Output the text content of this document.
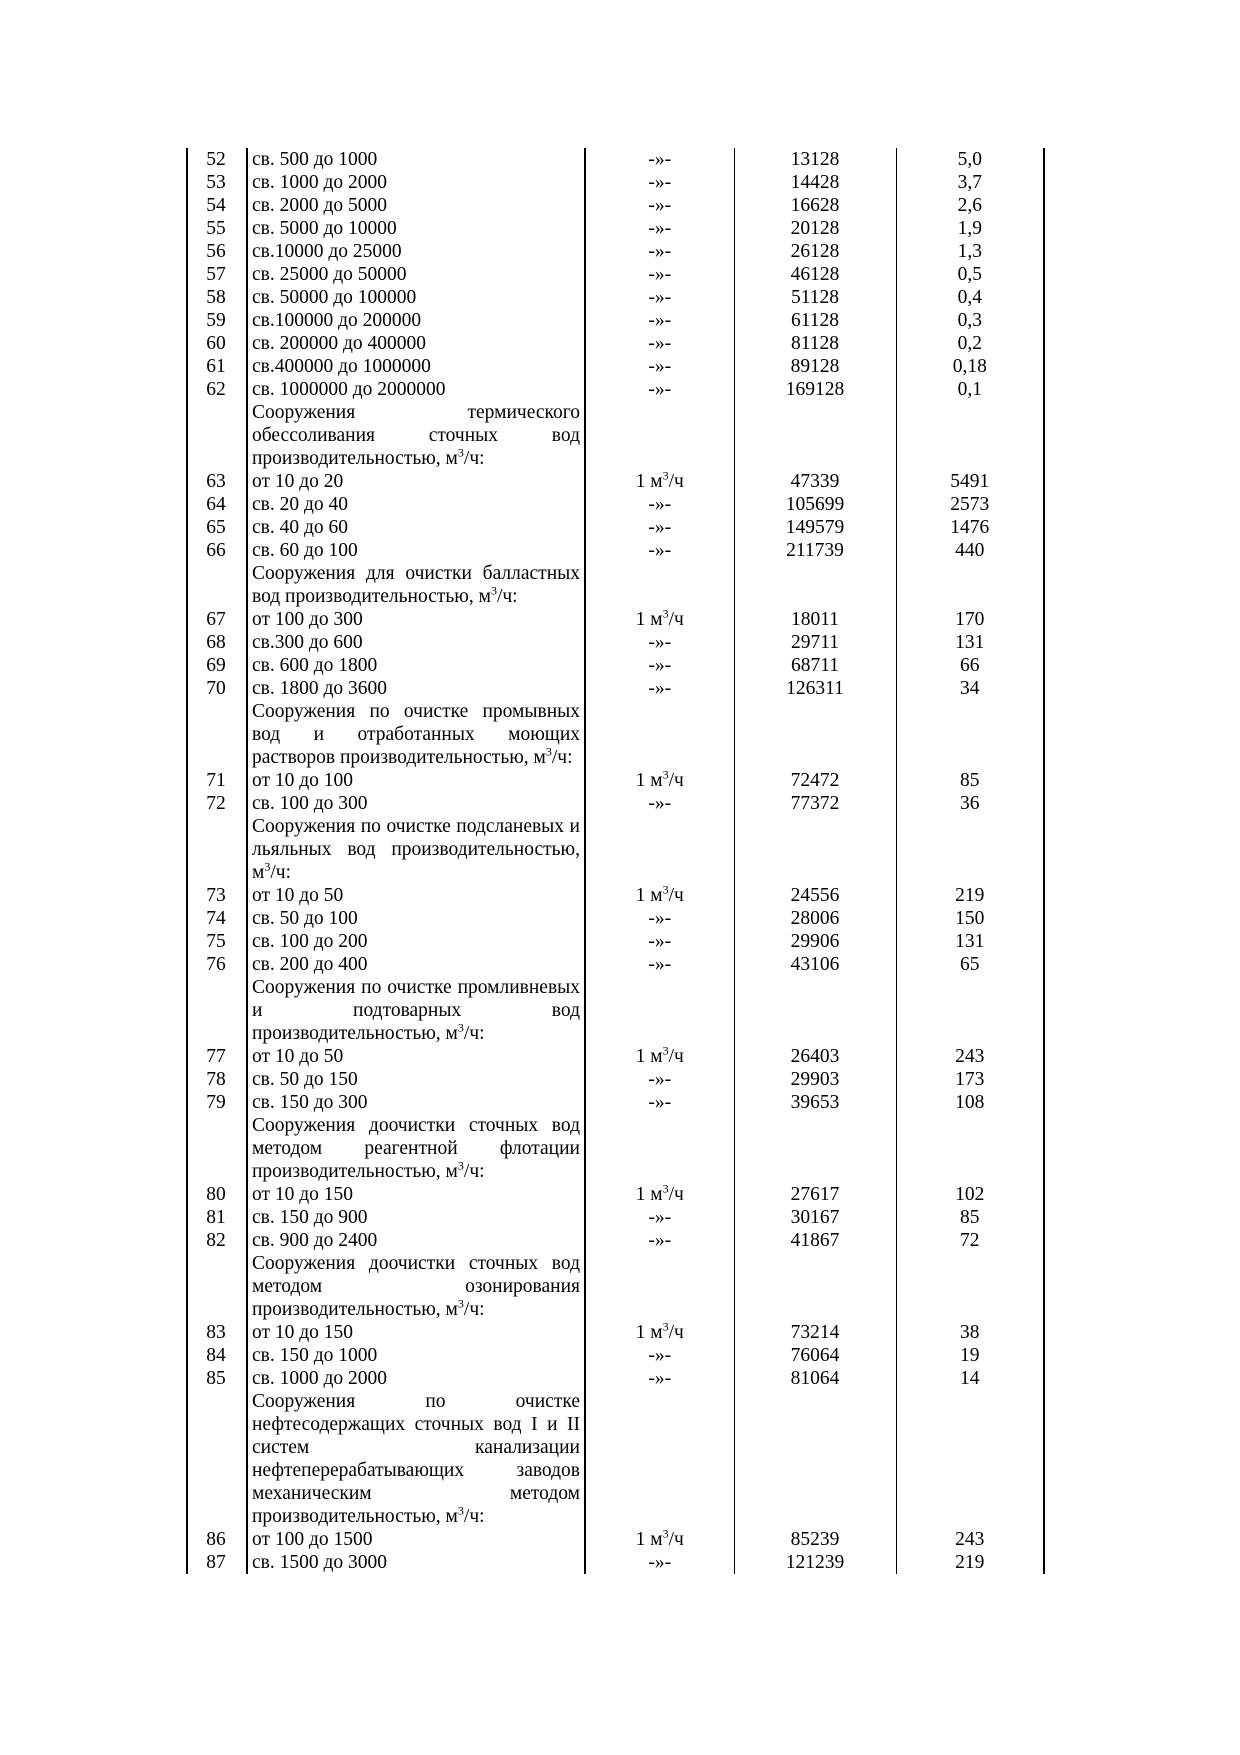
52	св. 500 до 1000	-»-	13128	5,0
53	св. 1000 до 2000	-»-	14428	3,7
54	св. 2000 до 5000	-»-	16628	2,6
55	св. 5000 до 10000	-»-	20128	1,9
56	св.10000 до 25000	-»-	26128	1,3
57	св. 25000 до 50000	-»-	46128	0,5
58	св. 50000 до 100000	-»-	51128	0,4
59	св.100000 до 200000	-»-	61128	0,3
60	св. 200000 до 400000	-»-	81128	0,2
61	св.400000 до 1000000	-»-	89128	0,18
62	св. 1000000 до 2000000	-»-	169128	0,1
	Сооружения термического обессоливания сточных вод производительностью, $м^3/ч$:			
63	от 10 до 20	1 $м^3/ч$	47339	5491
64	св. 20 до 40	-»-	105699	2573
65	св. 40 до 60	-»-	149579	1476
66	св. 60 до 100	-»-	211739	440
	Сооружения для очистки балластных вод производительностью, $м^3/ч$:			
67	от 100 до 300	1 $м^3/ч$	18011	170
68	св.300 до 600	-»-	29711	131
69	св. 600 до 1800	-»-	68711	66
70	св. 1800 до 3600	-»-	126311	34
	Сооружения по очистке промывных вод и отработанных моющих растворов производительностью, $м^3/ч$:			
71	от 10 до 100	1 $м^3/ч$	72472	85
72	св. 100 до 300	-»-	77372	36
	Сооружения по очистке подсланевых и льяльных вод производительностью, $м^3/ч$:			
73	от 10 до 50	1 $м^3/ч$	24556	219
74	св. 50 до 100	-»-	28006	150
75	св. 100 до 200	-»-	29906	131
76	св. 200 до 400	-»-	43106	65
	Сооружения по очистке промливневых и подтоварных вод производительностью, $м^3/ч$:			
77	от 10 до 50	1 $м^3/ч$	26403	243
78	св. 50 до 150	-»-	29903	173
79	св. 150 до 300	-»-	39653	108
	Сооружения доочистки сточных вод методом реагентной флотации производительностью, $м^3/ч$:			
80	от 10 до 150	1 $м^3/ч$	27617	102
81	св. 150 до 900	-»-	30167	85
82	св. 900 до 2400	-»-	41867	72
	Сооружения доочистки сточных вод методом озонирования производительностью, $м^3/ч$:			
83	от 10 до 150	1 $м^3/ч$	73214	38
84	св. 150 до 1000	-»-	76064	19
85	св. 1000 до 2000	-»-	81064	14
	Сооружения по очистке нефтесодержащих сточных вод I и II систем канализации нефтеперерабатывающих заводов механическим методом производительностью, $м^3/ч$:			
86	от 100 до 1500	1 $м^3/ч$	85239	243
87	св. 1500 до 3000	-»-	121239	219
